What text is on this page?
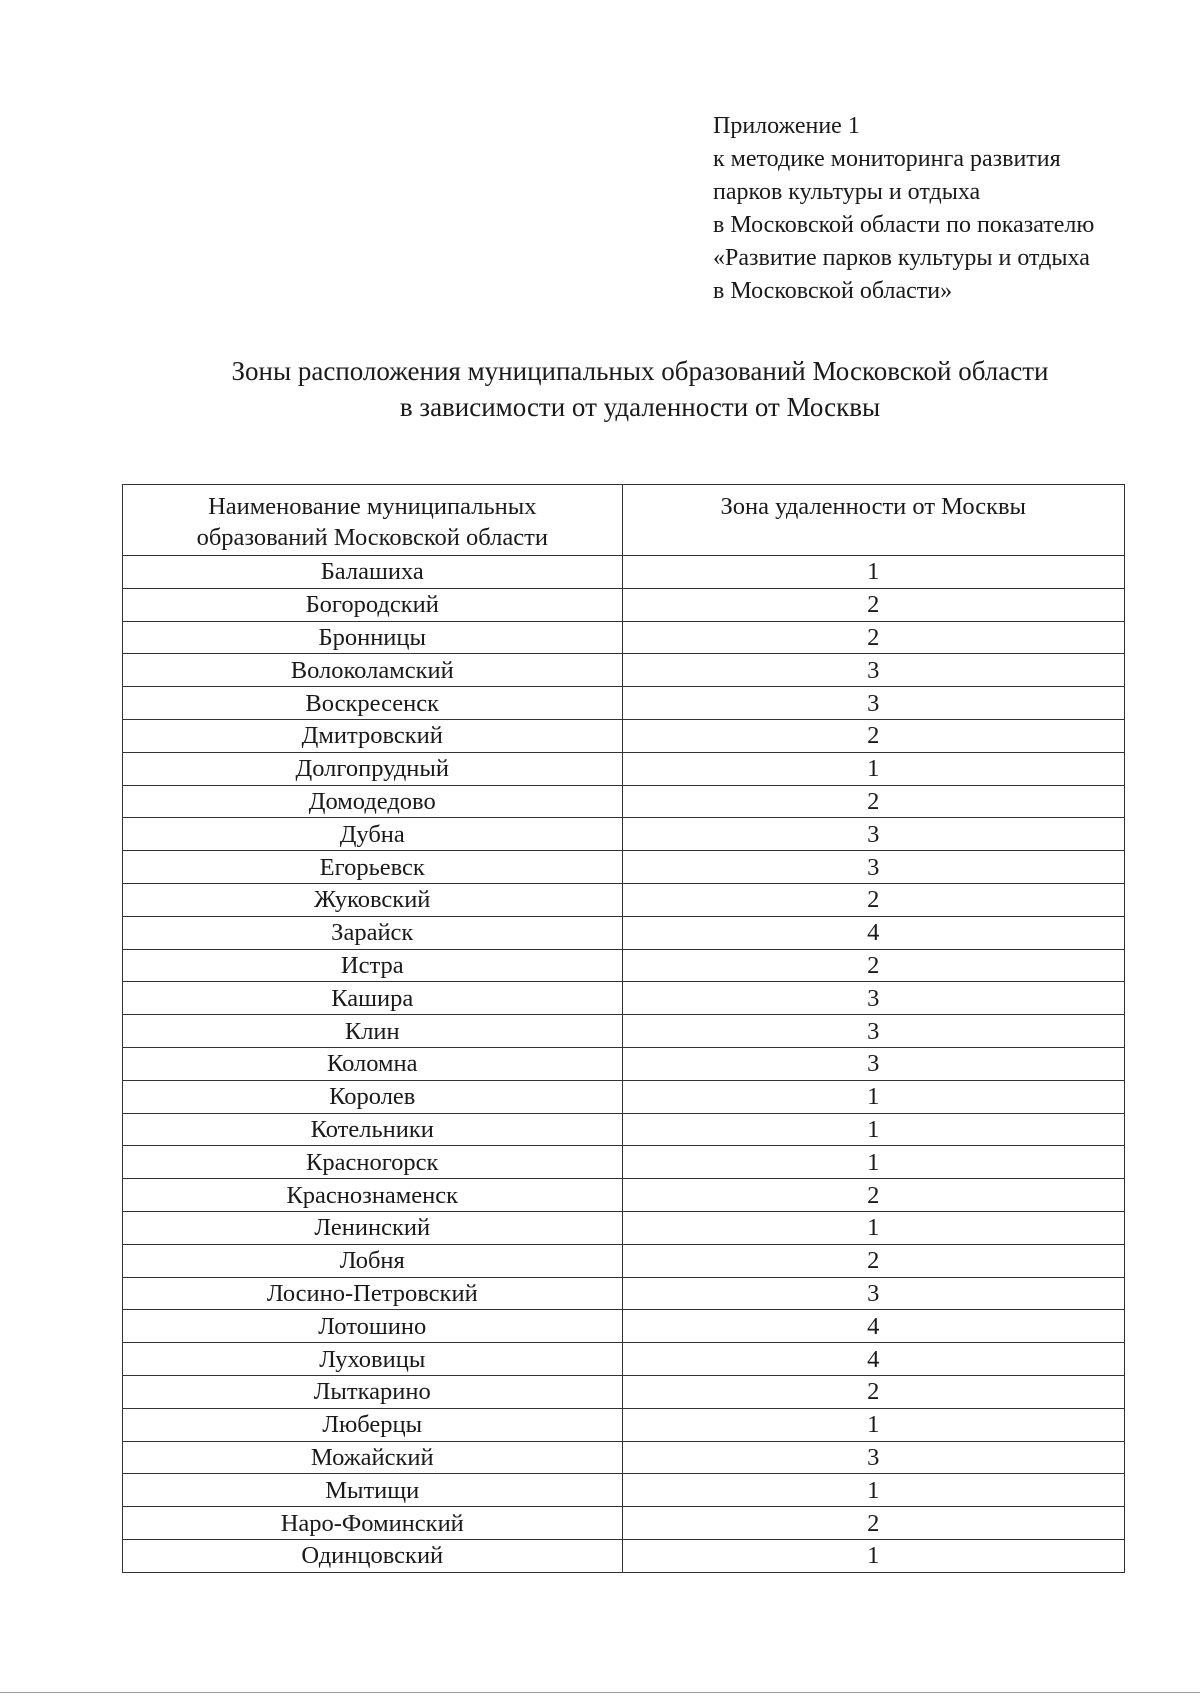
Приложение 1
к методике мониторинга развития
парков культуры и отдыха
в Московской области по показателю
«Развитие парков культуры и отдыха
в Московской области»
Зоны расположения муниципальных образований Московской области
в зависимости от удаленности от Москвы
Наименование муниципальных
образований Московской области	Зона удаленности от Москвы
Балашиха	1
Богородский	2
Бронницы	2
Волоколамский	3
Воскресенск	3
Дмитровский	2
Долгопрудный	1
Домодедово	2
Дубна	3
Егорьевск	3
Жуковский	2
Зарайск	4
Истра	2
Кашира	3
Клин	3
Коломна	3
Королев	1
Котельники	1
Красногорск	1
Краснознаменск	2
Ленинский	1
Лобня	2
Лосино-Петровский	3
Лотошино	4
Луховицы	4
Лыткарино	2
Люберцы	1
Можайский	3
Мытищи	1
Наро-Фоминский	2
Одинцовский	1
